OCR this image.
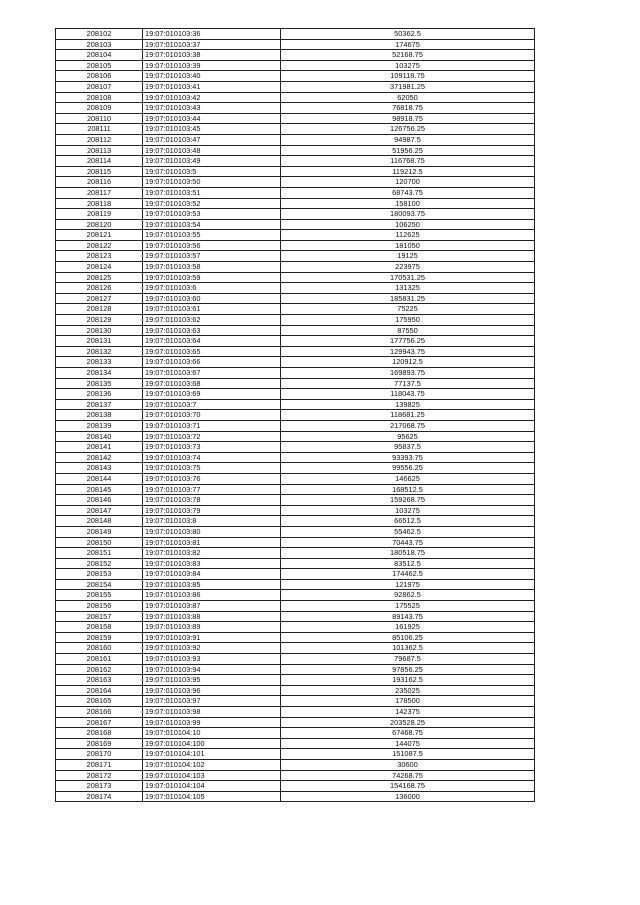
208102	19:07:010103:36	50362.5
208103	19:07:010103:37	174675
208104	19:07:010103:38	52168.75
208105	19:07:010103:39	103275
208106	19:07:010103:40	109118.75
208107	19:07:010103:41	371981.25
208108	19:07:010103:42	62050
208109	19:07:010103:43	76818.75
208110	19:07:010103:44	98918.75
208111	19:07:010103:45	126756.25
208112	19:07:010103:47	94987.5
208113	19:07:010103:48	51956.25
208114	19:07:010103:49	116768.75
208115	19:07:010103:5	119212.5
208116	19:07:010103:50	120700
208117	19:07:010103:51	68743.75
208118	19:07:010103:52	158100
208119	19:07:010103:53	180093.75
208120	19:07:010103:54	106250
208121	19:07:010103:55	112625
208122	19:07:010103:56	181050
208123	19:07:010103:57	19125
208124	19:07:010103:58	223975
208125	19:07:010103:59	170531.25
208126	19:07:010103:6	131325
208127	19:07:010103:60	185831.25
208128	19:07:010103:61	75225
208129	19:07:010103:62	175950
208130	19:07:010103:63	87550
208131	19:07:010103:64	177756.25
208132	19:07:010103:65	129943.75
208133	19:07:010103:66	120912.5
208134	19:07:010103:67	169893.75
208135	19:07:010103:68	77137.5
208136	19:07:010103:69	118043.75
208137	19:07:010103:7	139825
208138	19:07:010103:70	118681.25
208139	19:07:010103:71	217068.75
208140	19:07:010103:72	95625
208141	19:07:010103:73	95837.5
208142	19:07:010103:74	93393.75
208143	19:07:010103:75	99556.25
208144	19:07:010103:76	146625
208145	19:07:010103:77	168512.5
208146	19:07:010103:78	159268.75
208147	19:07:010103:79	103275
208148	19:07:010103:8	66512.5
208149	19:07:010103:80	55462.5
208150	19:07:010103:81	70443.75
208151	19:07:010103:82	180518.75
208152	19:07:010103:83	83512.5
208153	19:07:010103:84	174462.5
208154	19:07:010103:85	121975
208155	19:07:010103:86	92862.5
208156	19:07:010103:87	175525
208157	19:07:010103:88	89143.75
208158	19:07:010103:89	161925
208159	19:07:010103:91	85106.25
208160	19:07:010103:92	101362.5
208161	19:07:010103:93	79687.5
208162	19:07:010103:94	97856.25
208163	19:07:010103:95	193162.5
208164	19:07:010103:96	235025
208165	19:07:010103:97	178500
208166	19:07:010103:98	142375
208167	19:07:010103:99	203528.25
208168	19:07:010104:10	67468.75
208169	19:07:010104:100	144075
208170	19:07:010104:101	151087.5
208171	19:07:010104:102	30600
208172	19:07:010104:103	74268.75
208173	19:07:010104:104	154168.75
208174	19:07:010104:105	136000
